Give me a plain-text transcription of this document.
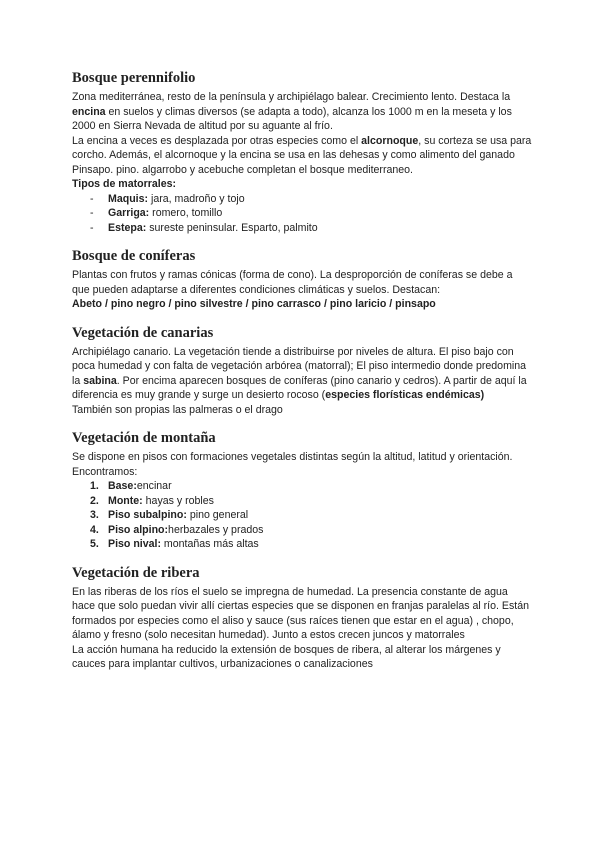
Bosque perennifolio

Zona mediterránea, resto de la península y archipiélago balear. Crecimiento lento. Destaca la encina en suelos y climas diversos (se adapta a todo), alcanza los 1000 m en la meseta y los 2000 en Sierra Nevada de altitud por su aguante al frío.

La encina a veces es desplazada por otras especies como el alcornoque, su corteza se usa para corcho. Además, el alcornoque y la encina se usa en las dehesas y como alimento del ganado

Pinsapo. pino. algarrobo y acebuche completan el bosque mediterraneo.

Tipos de matorrales:

- Maquis: jara, madroño y tojo
- Garriga: romero, tomillo
- Estepa: sureste peninsular. Esparto, palmito
Bosque de coníferas

Plantas con frutos y ramas cónicas (forma de cono). La desproporción de coníferas se debe a que pueden adaptarse a diferentes condiciones climáticas y suelos. Destacan:

Abeto / pino negro / pino silvestre / pino carrasco / pino laricio / pinsapo

Vegetación de canarias

Archipiélago canario. La vegetación tiende a distribuirse por niveles de altura. El piso bajo con poca humedad y con falta de vegetación arbórea (matorral); El piso intermedio donde predomina la sabina. Por encima aparecen bosques de coníferas (pino canario y cedros). A partir de aquí la diferencia es muy grande y surge un desierto rocoso (especies florísticas endémicas)

También son propias las palmeras o el drago

Vegetación de montaña

Se dispone en pisos con formaciones vegetales distintas según la altitud, latitud y orientación. Encontramos:

1. Base:encinar
2. Monte: hayas y robles
3. Piso subalpino: pino general
4. Piso alpino:herbazales y prados
5. Piso nival: montañas más altas
Vegetación de ribera

En las riberas de los ríos el suelo se impregna de humedad. La presencia constante de agua hace que solo puedan vivir allí ciertas especies que se disponen en franjas paralelas al río. Están formados por especies como el aliso y sauce (sus raíces tienen que estar en el agua) , chopo, álamo y fresno (solo necesitan humedad). Junto a estos crecen juncos y matorrales

La acción humana ha reducido la extensión de bosques de ribera, al alterar los márgenes y cauces para implantar cultivos, urbanizaciones o canalizaciones
